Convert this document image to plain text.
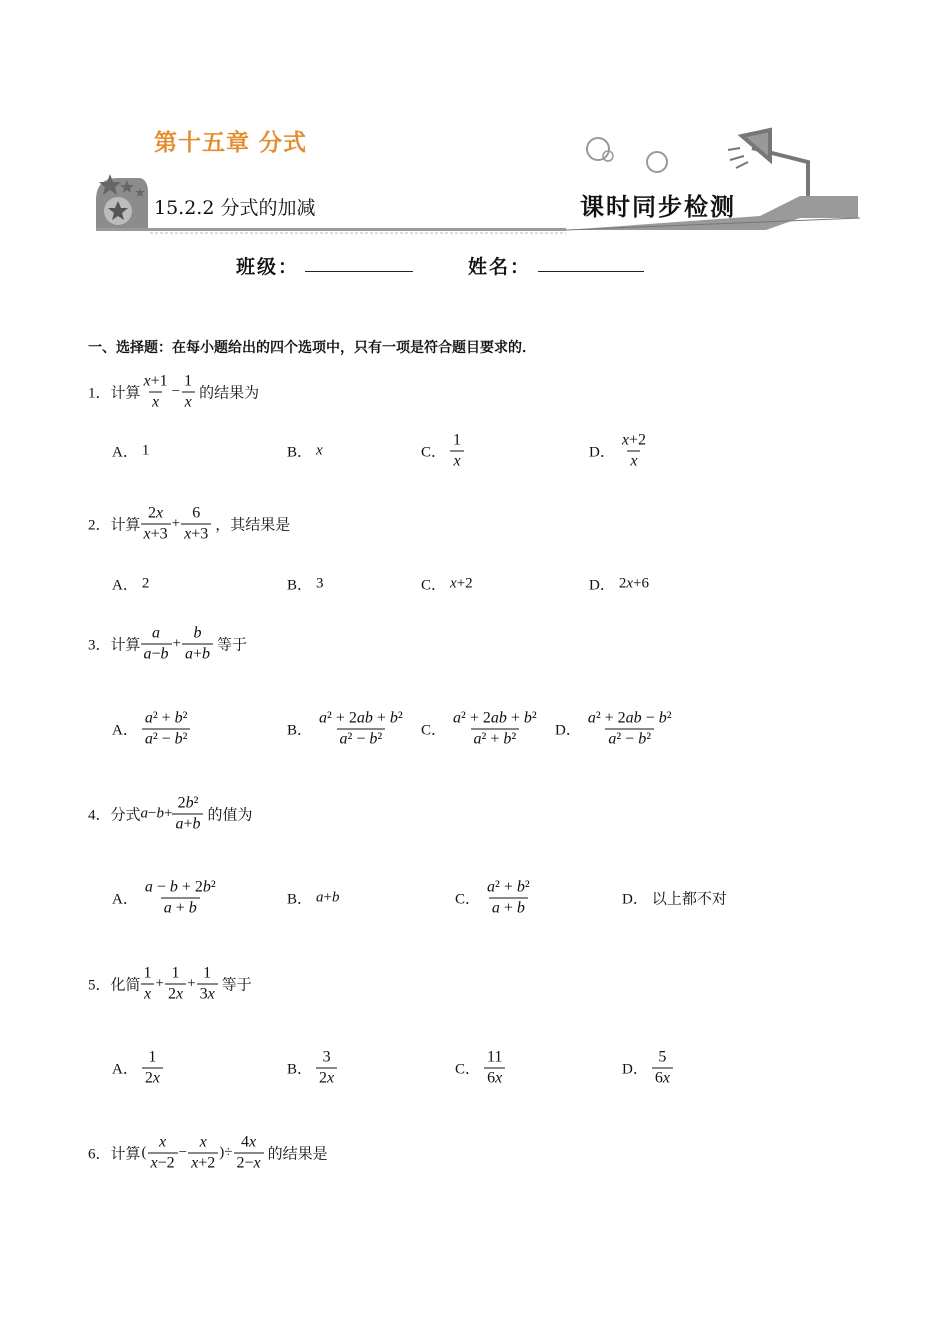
第十五章 分式
15.2.2 分式的加减	课时同步检测
班级：	姓名：
一、选择题：在每小题给出的四个选项中，只有一项是符合题目要求的．
1．计算 $\frac{x+1}{x} - \frac{1}{x}$ 的结果为
A． 1	B． x	C． $\frac{1}{x}$	D． $\frac{x+2}{x}$
2．计算 $\frac{2x}{x+3} + \frac{6}{x+3}$ ，其结果是
A． 2	B． 3	C． x+2	D． 2x+6
3．计算 $\frac{a}{a-b} + \frac{b}{a+b}$ 等于
A． $\frac{\text{a² + b²}}{\text{a² − b²}}$	B． $\frac{\text{a² + 2ab + b²}}{\text{a² − b²}}$ C． $\frac{\text{a² + 2ab + b²}}{\text{a² + b²}}$ D． $\frac{\text{a² + 2ab − b²}}{\text{a² − b²}}$
4．分式 $a-b+ \frac{\text{2b²}}{a+b}$ 的值为
A． $\frac{\text{a − b + 2b²}}{a + b}$	B． a+b	C． $\frac{\text{a² + b²}}{a + b}$	D． 以上都不对
5．化简 $\frac{1}{x} + \frac{1}{2x} + \frac{1}{3x}$ 等于
A． $\frac{1}{2x}$	B． $\frac{3}{2x}$	C． $\frac{11}{6x}$	D． $\frac{5}{6x}$
6．计算 ( $\frac{x}{x-2} - \frac{x}{x+2}$ )÷ $\frac{4x}{2-x}$ 的结果是
